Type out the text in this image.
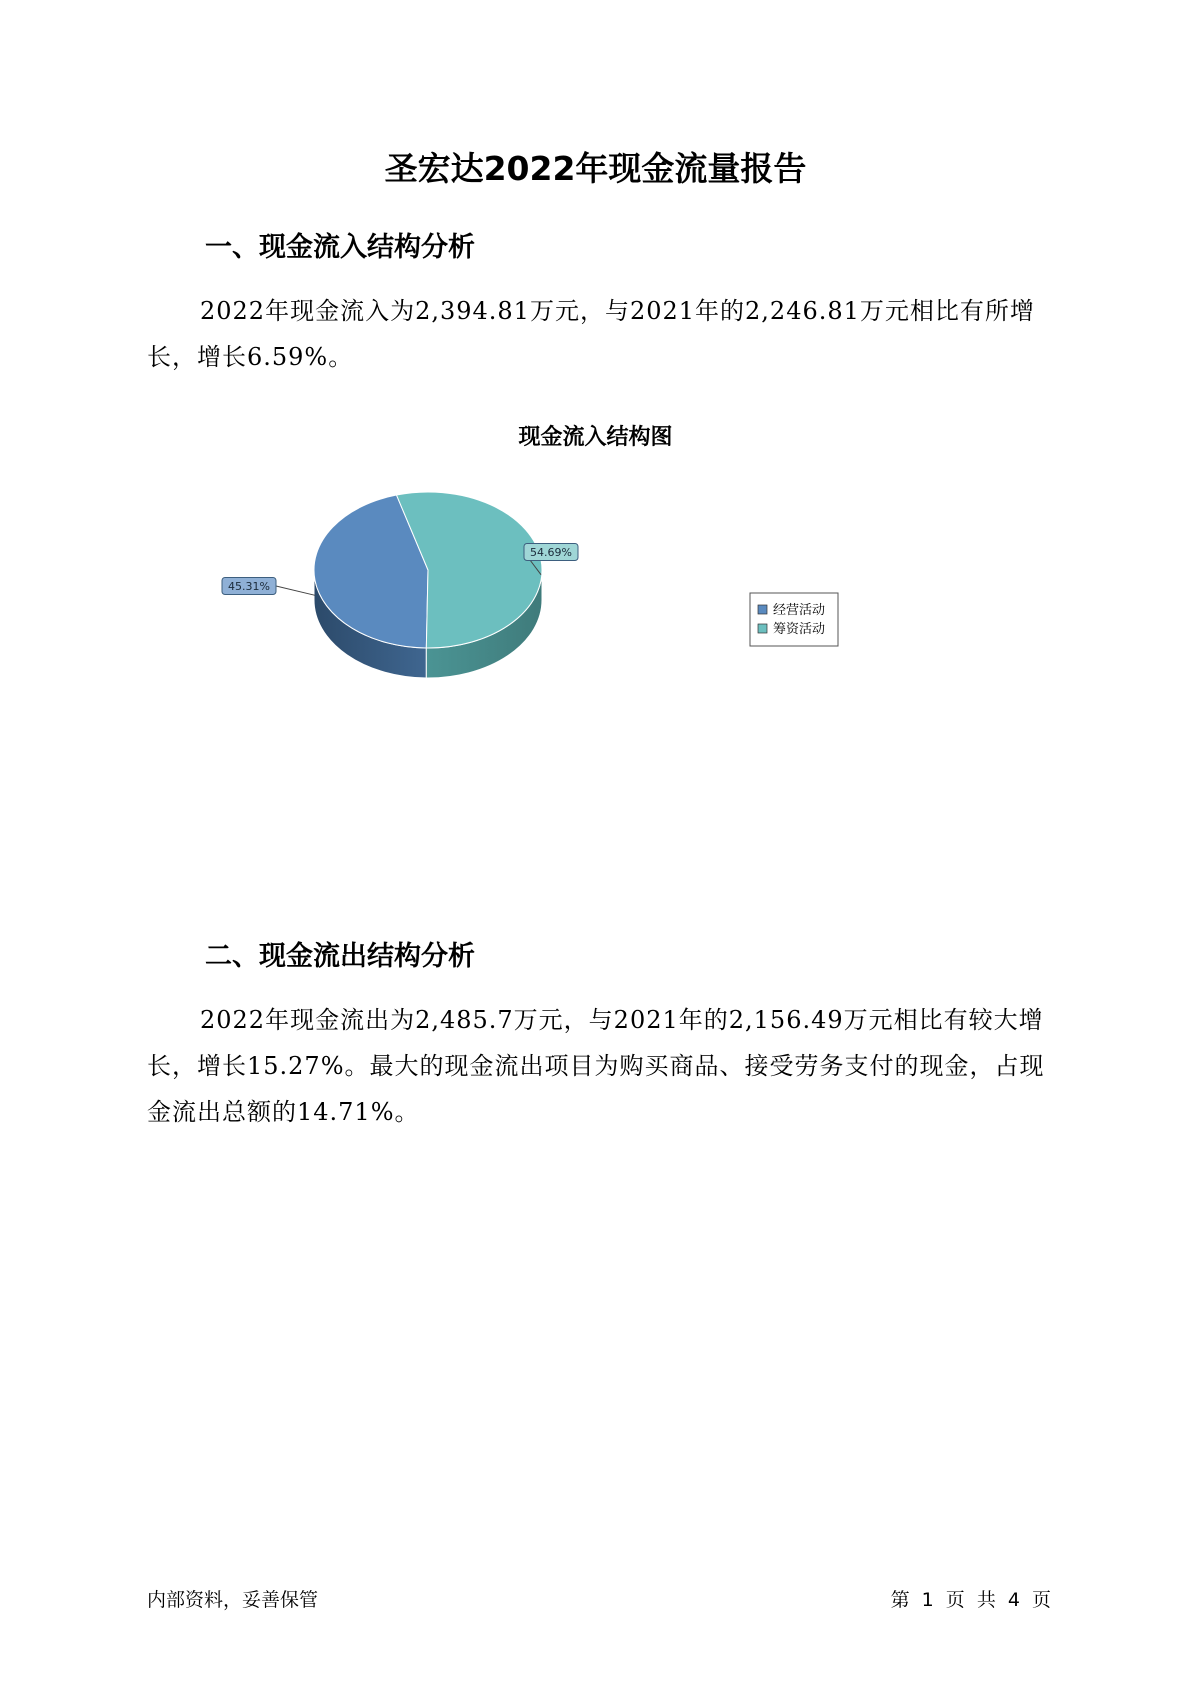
圣宏达2022年现金流量报告
一、现金流入结构分析
2022年现金流入为2,394.81万元，与2021年的2,246.81万元相比有所增长，增长6.59%。
现金流入结构图
45.31%
54.69%
经营活动
筹资活动
二、现金流出结构分析
2022年现金流出为2,485.7万元，与2021年的2,156.49万元相比有较大增长，增长15.27%。最大的现金流出项目为购买商品、接受劳务支付的现金，占现金流出总额的14.71%。
内部资料，妥善保管	第 1 页 共 4 页
